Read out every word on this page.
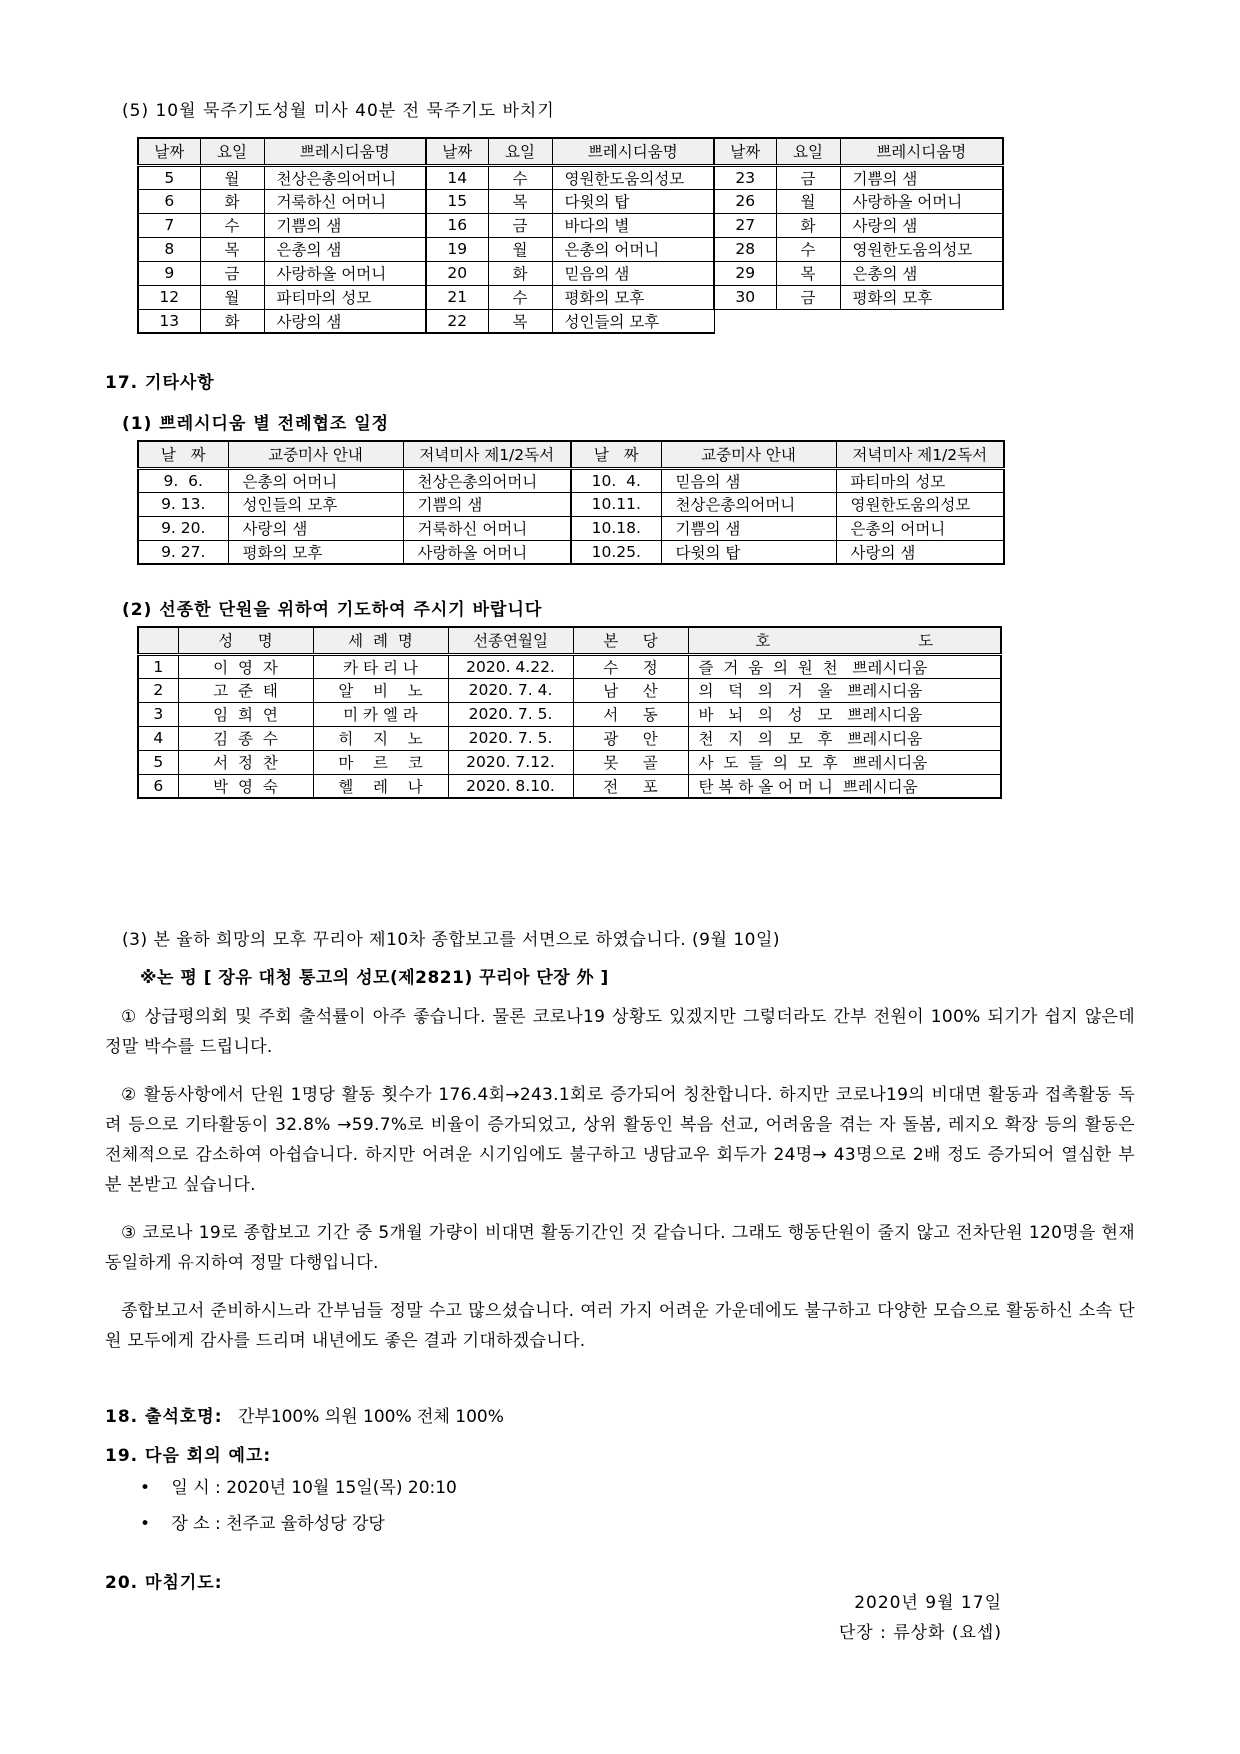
(5) 10월 묵주기도성월 미사 40분 전 묵주기도 바치기
날짜	요일	쁘레시디움명	날짜	요일	쁘레시디움명	날짜	요일	쁘레시디움명
5	월	천상은총의어머니	14	수	영원한도움의성모	23	금	기쁨의 샘
6	화	거룩하신 어머니	15	목	다윗의 탑	26	월	사랑하올 어머니
7	수	기쁨의 샘	16	금	바다의 별	27	화	사랑의 샘
8	목	은총의 샘	19	월	은총의 어머니	28	수	영원한도움의성모
9	금	사랑하올 어머니	20	화	믿음의 샘	29	목	은총의 샘
12	월	파티마의 성모	21	수	평화의 모후	30	금	평화의 모후
13	화	사랑의 샘	22	목	성인들의 모후			
17. 기타사항
(1) 쁘레시디움 별 전례협조 일정
날   짜	교중미사 안내	저녁미사 제1/2독서	날   짜	교중미사 안내	저녁미사 제1/2독서
9.  6.	은총의 어머니	천상은총의어머니	10.  4.	믿음의 샘	파티마의 성모
9. 13.	성인들의 모후	기쁨의 샘	10.11.	천상은총의어머니	영원한도움의성모
9. 20.	사랑의 샘	거룩하신 어머니	10.18.	기쁨의 샘	은총의 어머니
9. 27.	평화의 모후	사랑하올 어머니	10.25.	다윗의 탑	사랑의 샘
(2) 선종한 단원을 위하여 기도하여 주시기 바랍니다
	성     명	세  례  명	선종연월일	본     당	호                              도
1	이  영  자	카 타 리 나	2020. 4.22.	수     정	즐  거  움  의  원  천   쁘레시디움
2	고  준  태	알    비    노	2020. 7. 4.	남     산	의   덕   의   거   울   쁘레시디움
3	임  희  연	미 카 엘 라	2020. 7. 5.	서     동	바   뇌   의   성   모   쁘레시디움
4	김  종  수	히    지    노	2020. 7. 5.	광     안	천   지   의   모   후   쁘레시디움
5	서  정  찬	마    르    코	2020. 7.12.	못     골	사  도  들  의  모  후   쁘레시디움
6	박  영  숙	헬    레    나	2020. 8.10.	전     포	탄 복 하 올 어 머 니  쁘레시디움
(3) 본 율하 희망의 모후 꾸리아 제10차 종합보고를 서면으로 하였습니다. (9월 10일)
※논 평 [ 장유 대청 통고의 성모(제2821) 꾸리아 단장 外 ]

① 상급평의회 및 주회 출석률이 아주 좋습니다. 물론 코로나19 상황도 있겠지만 그렇더라도 간부 전원이 100% 되기가 쉽지 않은데 정말 박수를 드립니다.

② 활동사항에서 단원 1명당 활동 횟수가 176.4회→243.1회로 증가되어 칭찬합니다. 하지만 코로나19의 비대면 활동과 접촉활동 독려 등으로 기타활동이 32.8% →59.7%로 비율이 증가되었고, 상위 활동인 복음 선교, 어려움을 겪는 자 돌봄, 레지오 확장 등의 활동은 전체적으로 감소하여 아쉽습니다. 하지만 어려운 시기임에도 불구하고 냉담교우 회두가 24명→ 43명으로 2배 정도 증가되어 열심한 부분 본받고 싶습니다.

③ 코로나 19로 종합보고 기간 중 5개월 가량이 비대면 활동기간인 것 같습니다. 그래도 행동단원이 줄지 않고 전차단원 120명을 현재 동일하게 유지하여 정말 다행입니다.

종합보고서 준비하시느라 간부님들 정말 수고 많으셨습니다. 여러 가지 어려운 가운데에도 불구하고 다양한 모습으로 활동하신 소속 단원 모두에게 감사를 드리며 내년에도 좋은 결과 기대하겠습니다.

18. 출석호명: 간부100% 의원 100% 전체 100%
19. 다음 회의 예고:
• 일 시 : 2020년 10월 15일(목) 20:10
• 장 소 : 천주교 율하성당 강당
20. 마침기도:
2020년 9월 17일
단장 : 류상화 (요셉)
